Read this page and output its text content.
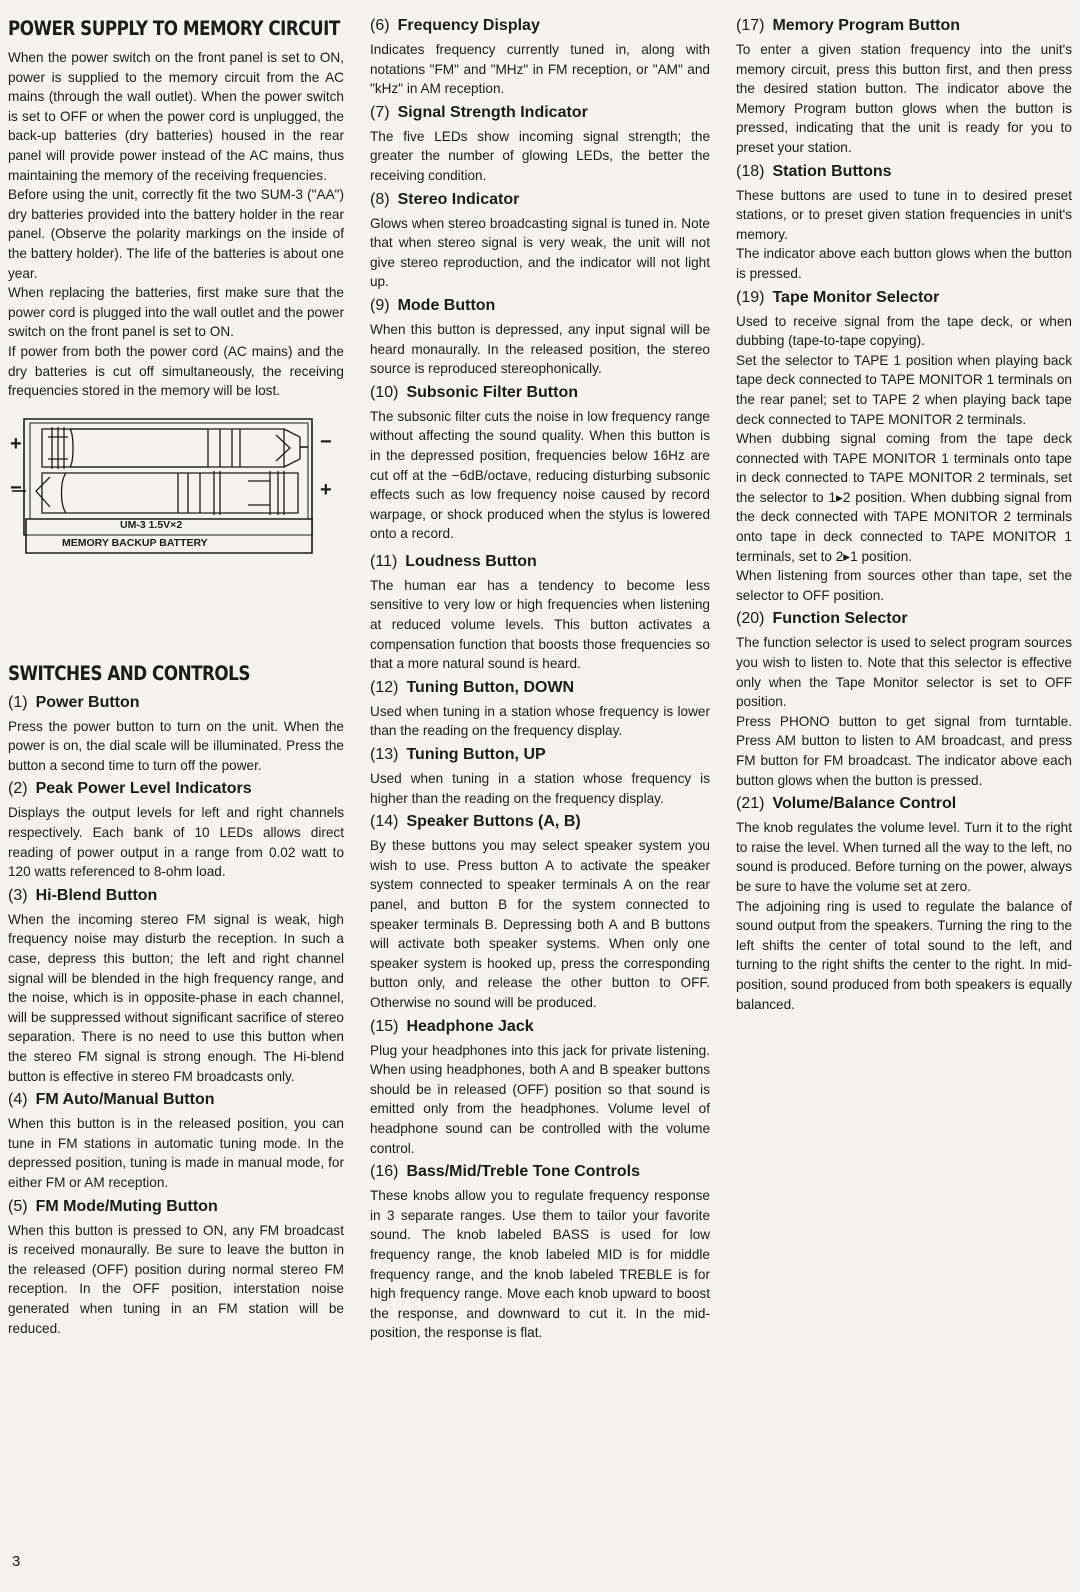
POWER SUPPLY TO MEMORY CIRCUIT

When the power switch on the front panel is set to ON, power is supplied to the memory circuit from the AC mains (through the wall outlet). When the power switch is set to OFF or when the power cord is unplugged, the back-up batteries (dry batteries) housed in the rear panel will provide power instead of the AC mains, thus maintaining the memory of the receiving frequencies.

Before using the unit, correctly fit the two SUM-3 ("AA") dry batteries provided into the battery holder in the rear panel. (Observe the polarity markings on the inside of the battery holder). The life of the batteries is about one year.

When replacing the batteries, first make sure that the power cord is plugged into the wall outlet and the power switch on the front panel is set to ON.

If power from both the power cord (AC mains) and the dry batteries is cut off simultaneously, the receiving frequencies stored in the memory will be lost.

+	−
−	+
UM-3 1.5V×2
MEMORY BACKUP BATTERY
SWITCHES AND CONTROLS
(1) Power Button

Press the power button to turn on the unit. When the power is on, the dial scale will be illuminated. Press the button a second time to turn off the power.

(2) Peak Power Level Indicators

Displays the output levels for left and right channels respectively. Each bank of 10 LEDs allows direct reading of power output in a range from 0.02 watt to 120 watts referenced to 8-ohm load.

(3) Hi-Blend Button

When the incoming stereo FM signal is weak, high frequency noise may disturb the reception. In such a case, depress this button; the left and right channel signal will be blended in the high frequency range, and the noise, which is in opposite-phase in each channel, will be suppressed without significant sacrifice of stereo separation. There is no need to use this button when the stereo FM signal is strong enough. The Hi-blend button is effective in stereo FM broadcasts only.

(4) FM Auto/Manual Button

When this button is in the released position, you can tune in FM stations in automatic tuning mode. In the depressed position, tuning is made in manual mode, for either FM or AM reception.

(5) FM Mode/Muting Button

When this button is pressed to ON, any FM broadcast is received monaurally. Be sure to leave the button in the released (OFF) position during normal stereo FM reception. In the OFF position, interstation noise generated when tuning in an FM station will be reduced.

(6) Frequency Display

Indicates frequency currently tuned in, along with notations "FM" and "MHz" in FM reception, or "AM" and "kHz" in AM reception.

(7) Signal Strength Indicator

The five LEDs show incoming signal strength; the greater the number of glowing LEDs, the better the receiving condition.

(8) Stereo Indicator

Glows when stereo broadcasting signal is tuned in. Note that when stereo signal is very weak, the unit will not give stereo reproduction, and the indicator will not light up.

(9) Mode Button

When this button is depressed, any input signal will be heard monaurally. In the released position, the stereo source is reproduced stereophonically.

(10) Subsonic Filter Button

The subsonic filter cuts the noise in low frequency range without affecting the sound quality. When this button is in the depressed position, frequencies below 16Hz are cut off at the −6dB/octave, reducing disturbing subsonic effects such as low frequency noise caused by record warpage, or shock produced when the stylus is lowered onto a record.

(11) Loudness Button

The human ear has a tendency to become less sensitive to very low or high frequencies when listening at reduced volume levels. This button activates a compensation function that boosts those frequencies so that a more natural sound is heard.

(12) Tuning Button, DOWN

Used when tuning in a station whose frequency is lower than the reading on the frequency display.

(13) Tuning Button, UP

Used when tuning in a station whose frequency is higher than the reading on the frequency display.

(14) Speaker Buttons (A, B)

By these buttons you may select speaker system you wish to use. Press button A to activate the speaker system connected to speaker terminals A on the rear panel, and button B for the system connected to speaker terminals B. Depressing both A and B buttons will activate both speaker systems. When only one speaker system is hooked up, press the corresponding button only, and release the other button to OFF. Otherwise no sound will be produced.

(15) Headphone Jack

Plug your headphones into this jack for private listening. When using headphones, both A and B speaker buttons should be in released (OFF) position so that sound is emitted only from the headphones. Volume level of headphone sound can be controlled with the volume control.

(16) Bass/Mid/Treble Tone Controls

These knobs allow you to regulate frequency response in 3 separate ranges. Use them to tailor your favorite sound. The knob labeled BASS is used for low frequency range, the knob labeled MID is for middle frequency range, and the knob labeled TREBLE is for high frequency range. Move each knob upward to boost the response, and downward to cut it. In the mid-position, the response is flat.

(17) Memory Program Button

To enter a given station frequency into the unit's memory circuit, press this button first, and then press the desired station button. The indicator above the Memory Program button glows when the button is pressed, indicating that the unit is ready for you to preset your station.

(18) Station Buttons

These buttons are used to tune in to desired preset stations, or to preset given station frequencies in unit's memory.

The indicator above each button glows when the button is pressed.

(19) Tape Monitor Selector

Used to receive signal from the tape deck, or when dubbing (tape-to-tape copying).

Set the selector to TAPE 1 position when playing back tape deck connected to TAPE MONITOR 1 terminals on the rear panel; set to TAPE 2 when playing back tape deck connected to TAPE MONITOR 2 terminals.

When dubbing signal coming from the tape deck connected with TAPE MONITOR 1 terminals onto tape in deck connected to TAPE MONITOR 2 terminals, set the selector to 1▸2 position. When dubbing signal from the deck connected with TAPE MONITOR 2 terminals onto tape in deck connected to TAPE MONITOR 1 terminals, set to 2▸1 position.

When listening from sources other than tape, set the selector to OFF position.

(20) Function Selector

The function selector is used to select program sources you wish to listen to. Note that this selector is effective only when the Tape Monitor selector is set to OFF position.

Press PHONO button to get signal from turntable. Press AM button to listen to AM broadcast, and press FM button for FM broadcast. The indicator above each button glows when the button is pressed.

(21) Volume/Balance Control

The knob regulates the volume level. Turn it to the right to raise the level. When turned all the way to the left, no sound is produced. Before turning on the power, always be sure to have the volume set at zero.

The adjoining ring is used to regulate the balance of sound output from the speakers. Turning the ring to the left shifts the center of total sound to the left, and turning to the right shifts the center to the right. In mid-position, sound produced from both speakers is equally balanced.

3
